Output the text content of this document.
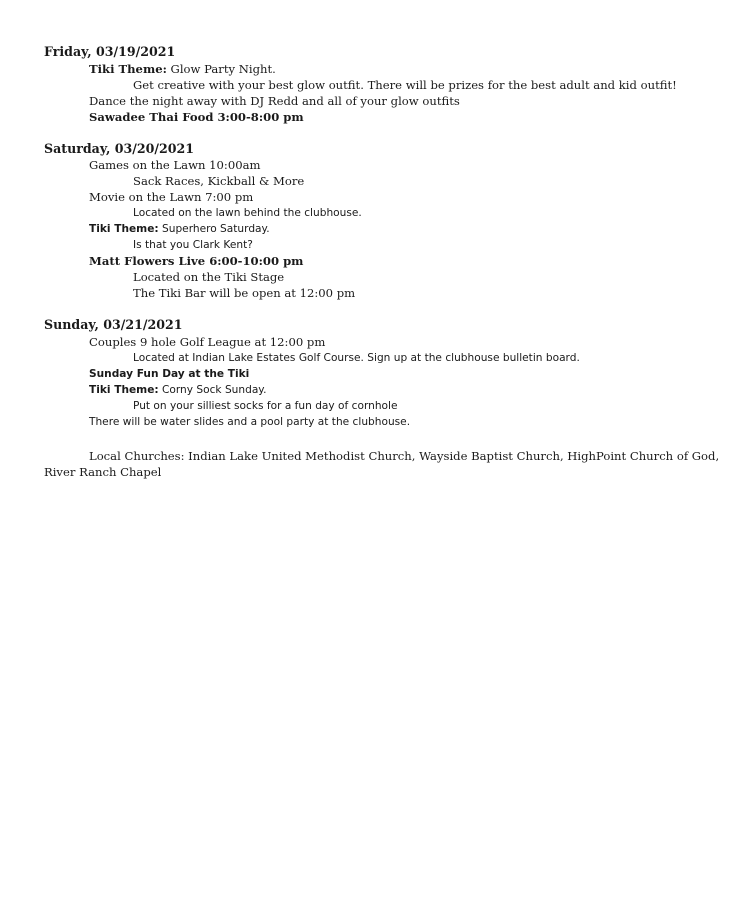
Friday, 03/19/2021
Tiki Theme: Glow Party Night.
Get creative with your best glow outfit. There will be prizes for the best adult and kid outfit!
Dance the night away with DJ Redd and all of your glow outfits
Sawadee Thai Food 3:00-8:00 pm
Saturday, 03/20/2021
Games on the Lawn 10:00am
Sack Races, Kickball & More
Movie on the Lawn 7:00 pm
Located on the lawn behind the clubhouse.
Tiki Theme: Superhero Saturday.
Is that you Clark Kent?
Matt Flowers Live 6:00-10:00 pm
Located on the Tiki Stage
The Tiki Bar will be open at 12:00 pm
Sunday, 03/21/2021
Couples 9 hole Golf League at 12:00 pm
Located at Indian Lake Estates Golf Course. Sign up at the clubhouse bulletin board.
Sunday Fun Day at the Tiki
Tiki Theme: Corny Sock Sunday.
Put on your silliest socks for a fun day of cornhole
There will be water slides and a pool party at the clubhouse.
Local Churches: Indian Lake United Methodist Church, Wayside Baptist Church, HighPoint Church of God,
River Ranch Chapel
